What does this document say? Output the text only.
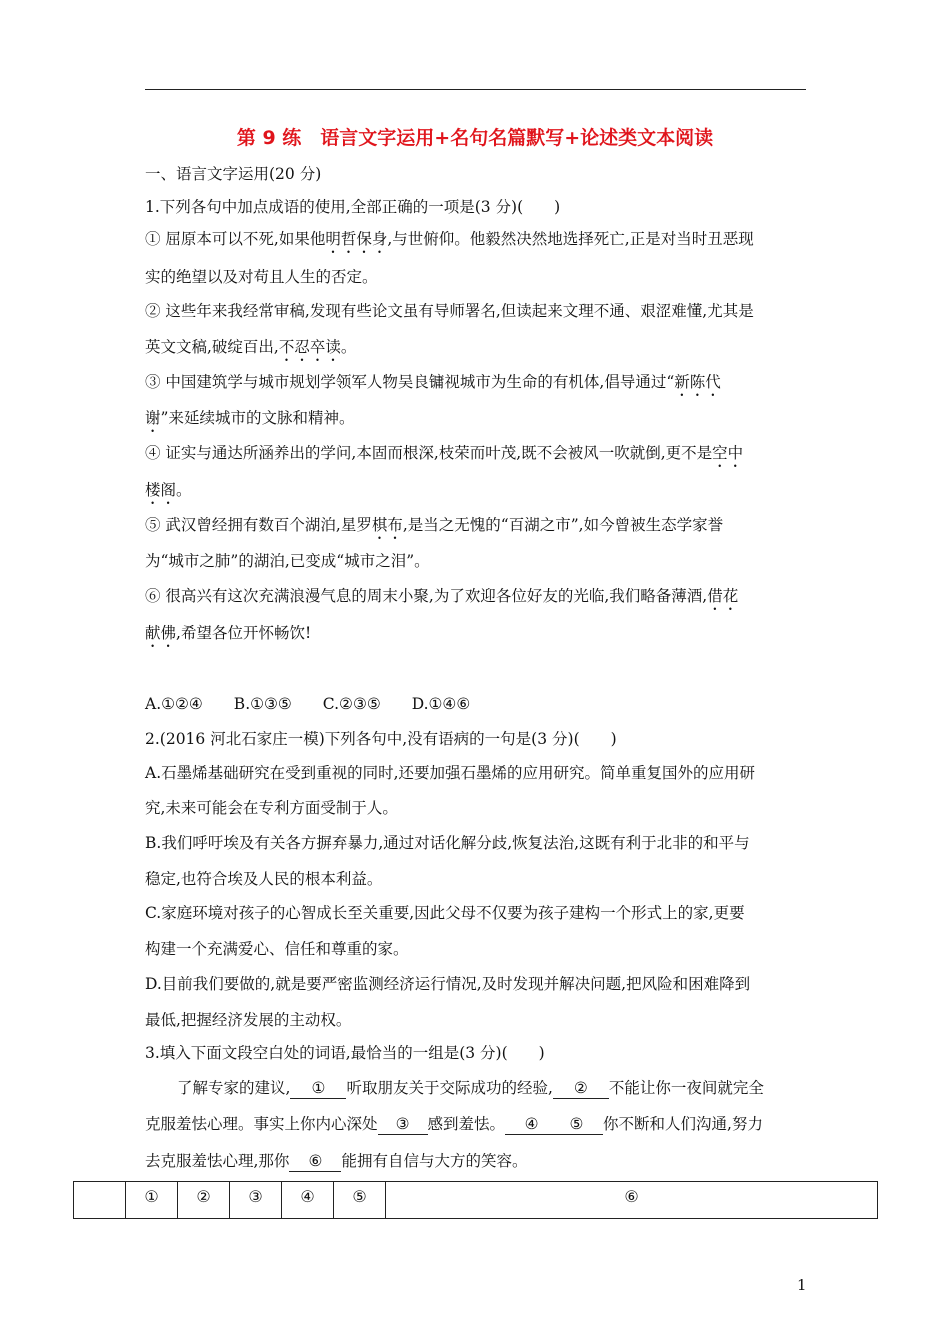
第 9 练　语言文字运用+名句名篇默写+论述类文本阅读
一、语言文字运用(20 分)
1.下列各句中加点成语的使用,全部正确的一项是(3 分)(　　)
① 屈原本可以不死,如果他明哲保身,与世俯仰。他毅然决然地选择死亡,正是对当时丑恶现
实的绝望以及对苟且人生的否定。
② 这些年来我经常审稿,发现有些论文虽有导师署名,但读起来文理不通、艰涩难懂,尤其是
英文文稿,破绽百出,不忍卒读。
③ 中国建筑学与城市规划学领军人物吴良镛视城市为生命的有机体,倡导通过“新陈代
谢”来延续城市的文脉和精神。
④ 证实与通达所涵养出的学问,本固而根深,枝荣而叶茂,既不会被风一吹就倒,更不是空中
楼阁。
⑤ 武汉曾经拥有数百个湖泊,星罗棋布,是当之无愧的“百湖之市”,如今曾被生态学家誉
为“城市之肺”的湖泊,已变成“城市之泪”。
⑥ 很高兴有这次充满浪漫气息的周末小聚,为了欢迎各位好友的光临,我们略备薄酒,借花
献佛,希望各位开怀畅饮!
A.①②④　　B.①③⑤　　C.②③⑤　　D.①④⑥
2.(2016 河北石家庄一模)下列各句中,没有语病的一句是(3 分)(　　)
A.石墨烯基础研究在受到重视的同时,还要加强石墨烯的应用研究。简单重复国外的应用研
究,未来可能会在专利方面受制于人。
B.我们呼吁埃及有关各方摒弃暴力,通过对话化解分歧,恢复法治,这既有利于北非的和平与
稳定,也符合埃及人民的根本利益。
C.家庭环境对孩子的心智成长至关重要,因此父母不仅要为孩子建构一个形式上的家,更要
构建一个充满爱心、信任和尊重的家。
D.目前我们要做的,就是要严密监测经济运行情况,及时发现并解决问题,把风险和困难降到
最低,把握经济发展的主动权。
3.填入下面文段空白处的词语,最恰当的一组是(3 分)(　　)
了解专家的建议, ① 听取朋友关于交际成功的经验, ② 不能让你一夜间就完全
克服羞怯心理。事实上你内心深处 ③ 感到羞怯。 ④　　 ⑤ 你不断和人们沟通,努力
去克服羞怯心理,那你 ⑥ 能拥有自信与大方的笑容。
	①	②	③	④	⑤	⑥
1
